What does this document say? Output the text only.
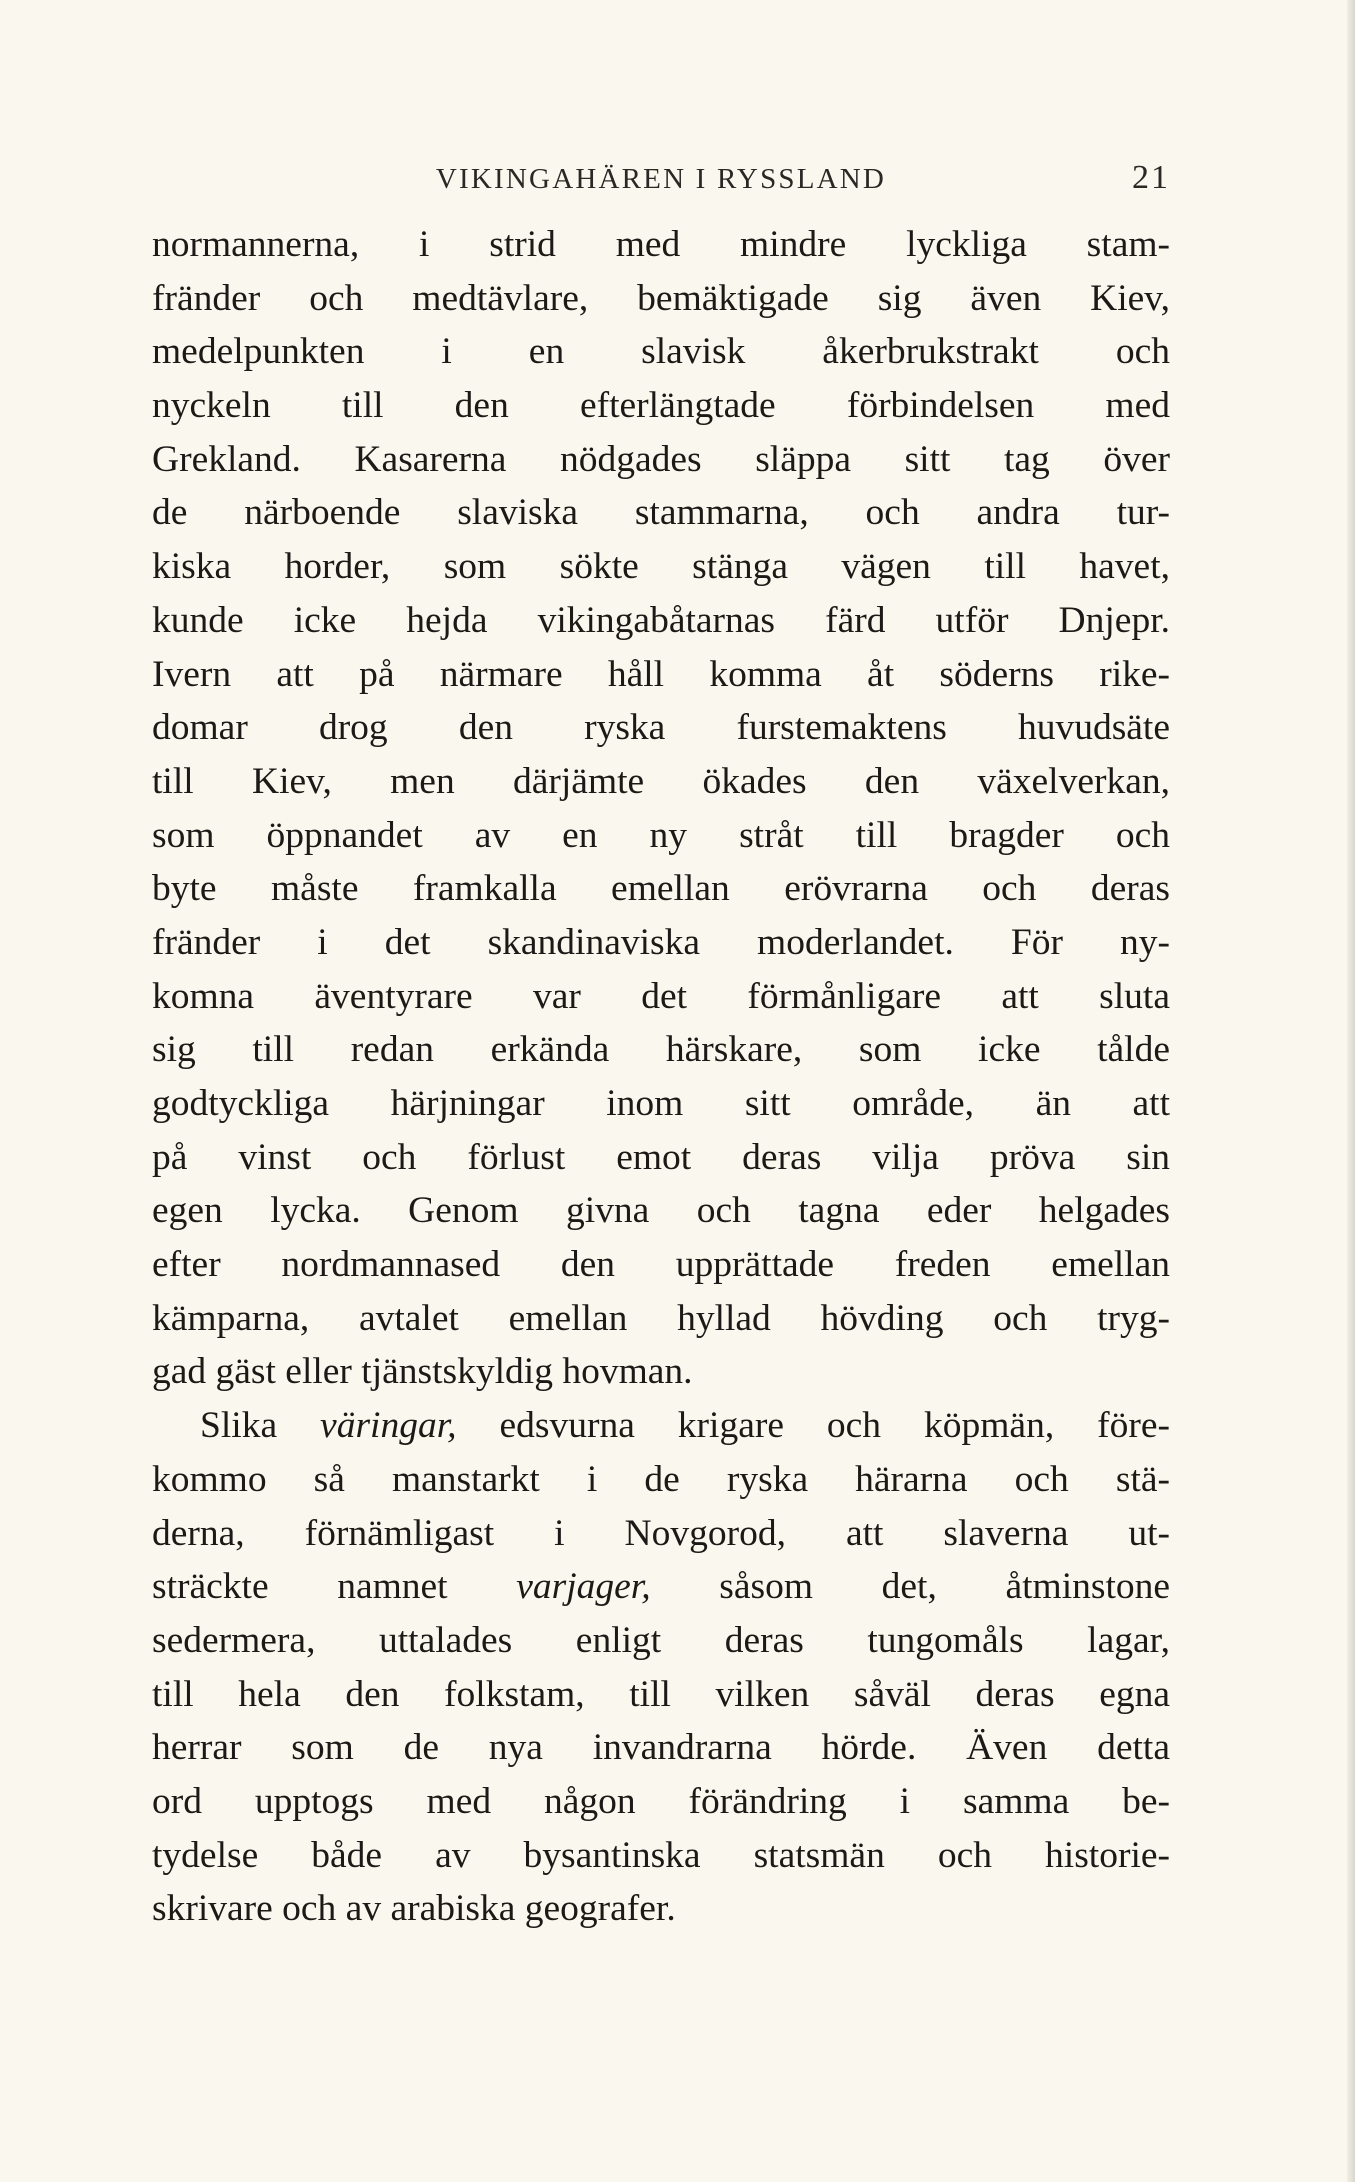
VIKINGAHÄREN I RYSSLAND	21
normannerna, i strid med mindre lyckliga stam-
fränder och medtävlare, bemäktigade sig även Kiev,
medelpunkten i en slavisk åkerbrukstrakt och
nyckeln till den efterlängtade förbindelsen med
Grekland. Kasarerna nödgades släppa sitt tag över
de närboende slaviska stammarna, och andra tur-
kiska horder, som sökte stänga vägen till havet,
kunde icke hejda vikingabåtarnas färd utför Dnjepr.
Ivern att på närmare håll komma åt söderns rike-
domar drog den ryska furstemaktens huvudsäte
till Kiev, men därjämte ökades den växelverkan,
som öppnandet av en ny stråt till bragder och
byte måste framkalla emellan erövrarna och deras
fränder i det skandinaviska moderlandet. För ny-
komna äventyrare var det förmånligare att sluta
sig till redan erkända härskare, som icke tålde
godtyckliga härjningar inom sitt område, än att
på vinst och förlust emot deras vilja pröva sin
egen lycka. Genom givna och tagna eder helgades
efter nordmannased den upprättade freden emellan
kämparna, avtalet emellan hyllad hövding och tryg-
gad gäst eller tjänstskyldig hovman.
Slika väringar, edsvurna krigare och köpmän, före-
kommo så manstarkt i de ryska härarna och stä-
derna, förnämligast i Novgorod, att slaverna ut-
sträckte namnet varjager, såsom det, åtminstone
sedermera, uttalades enligt deras tungomåls lagar,
till hela den folkstam, till vilken såväl deras egna
herrar som de nya invandrarna hörde. Även detta
ord upptogs med någon förändring i samma be-
tydelse både av bysantinska statsmän och historie-
skrivare och av arabiska geografer.
